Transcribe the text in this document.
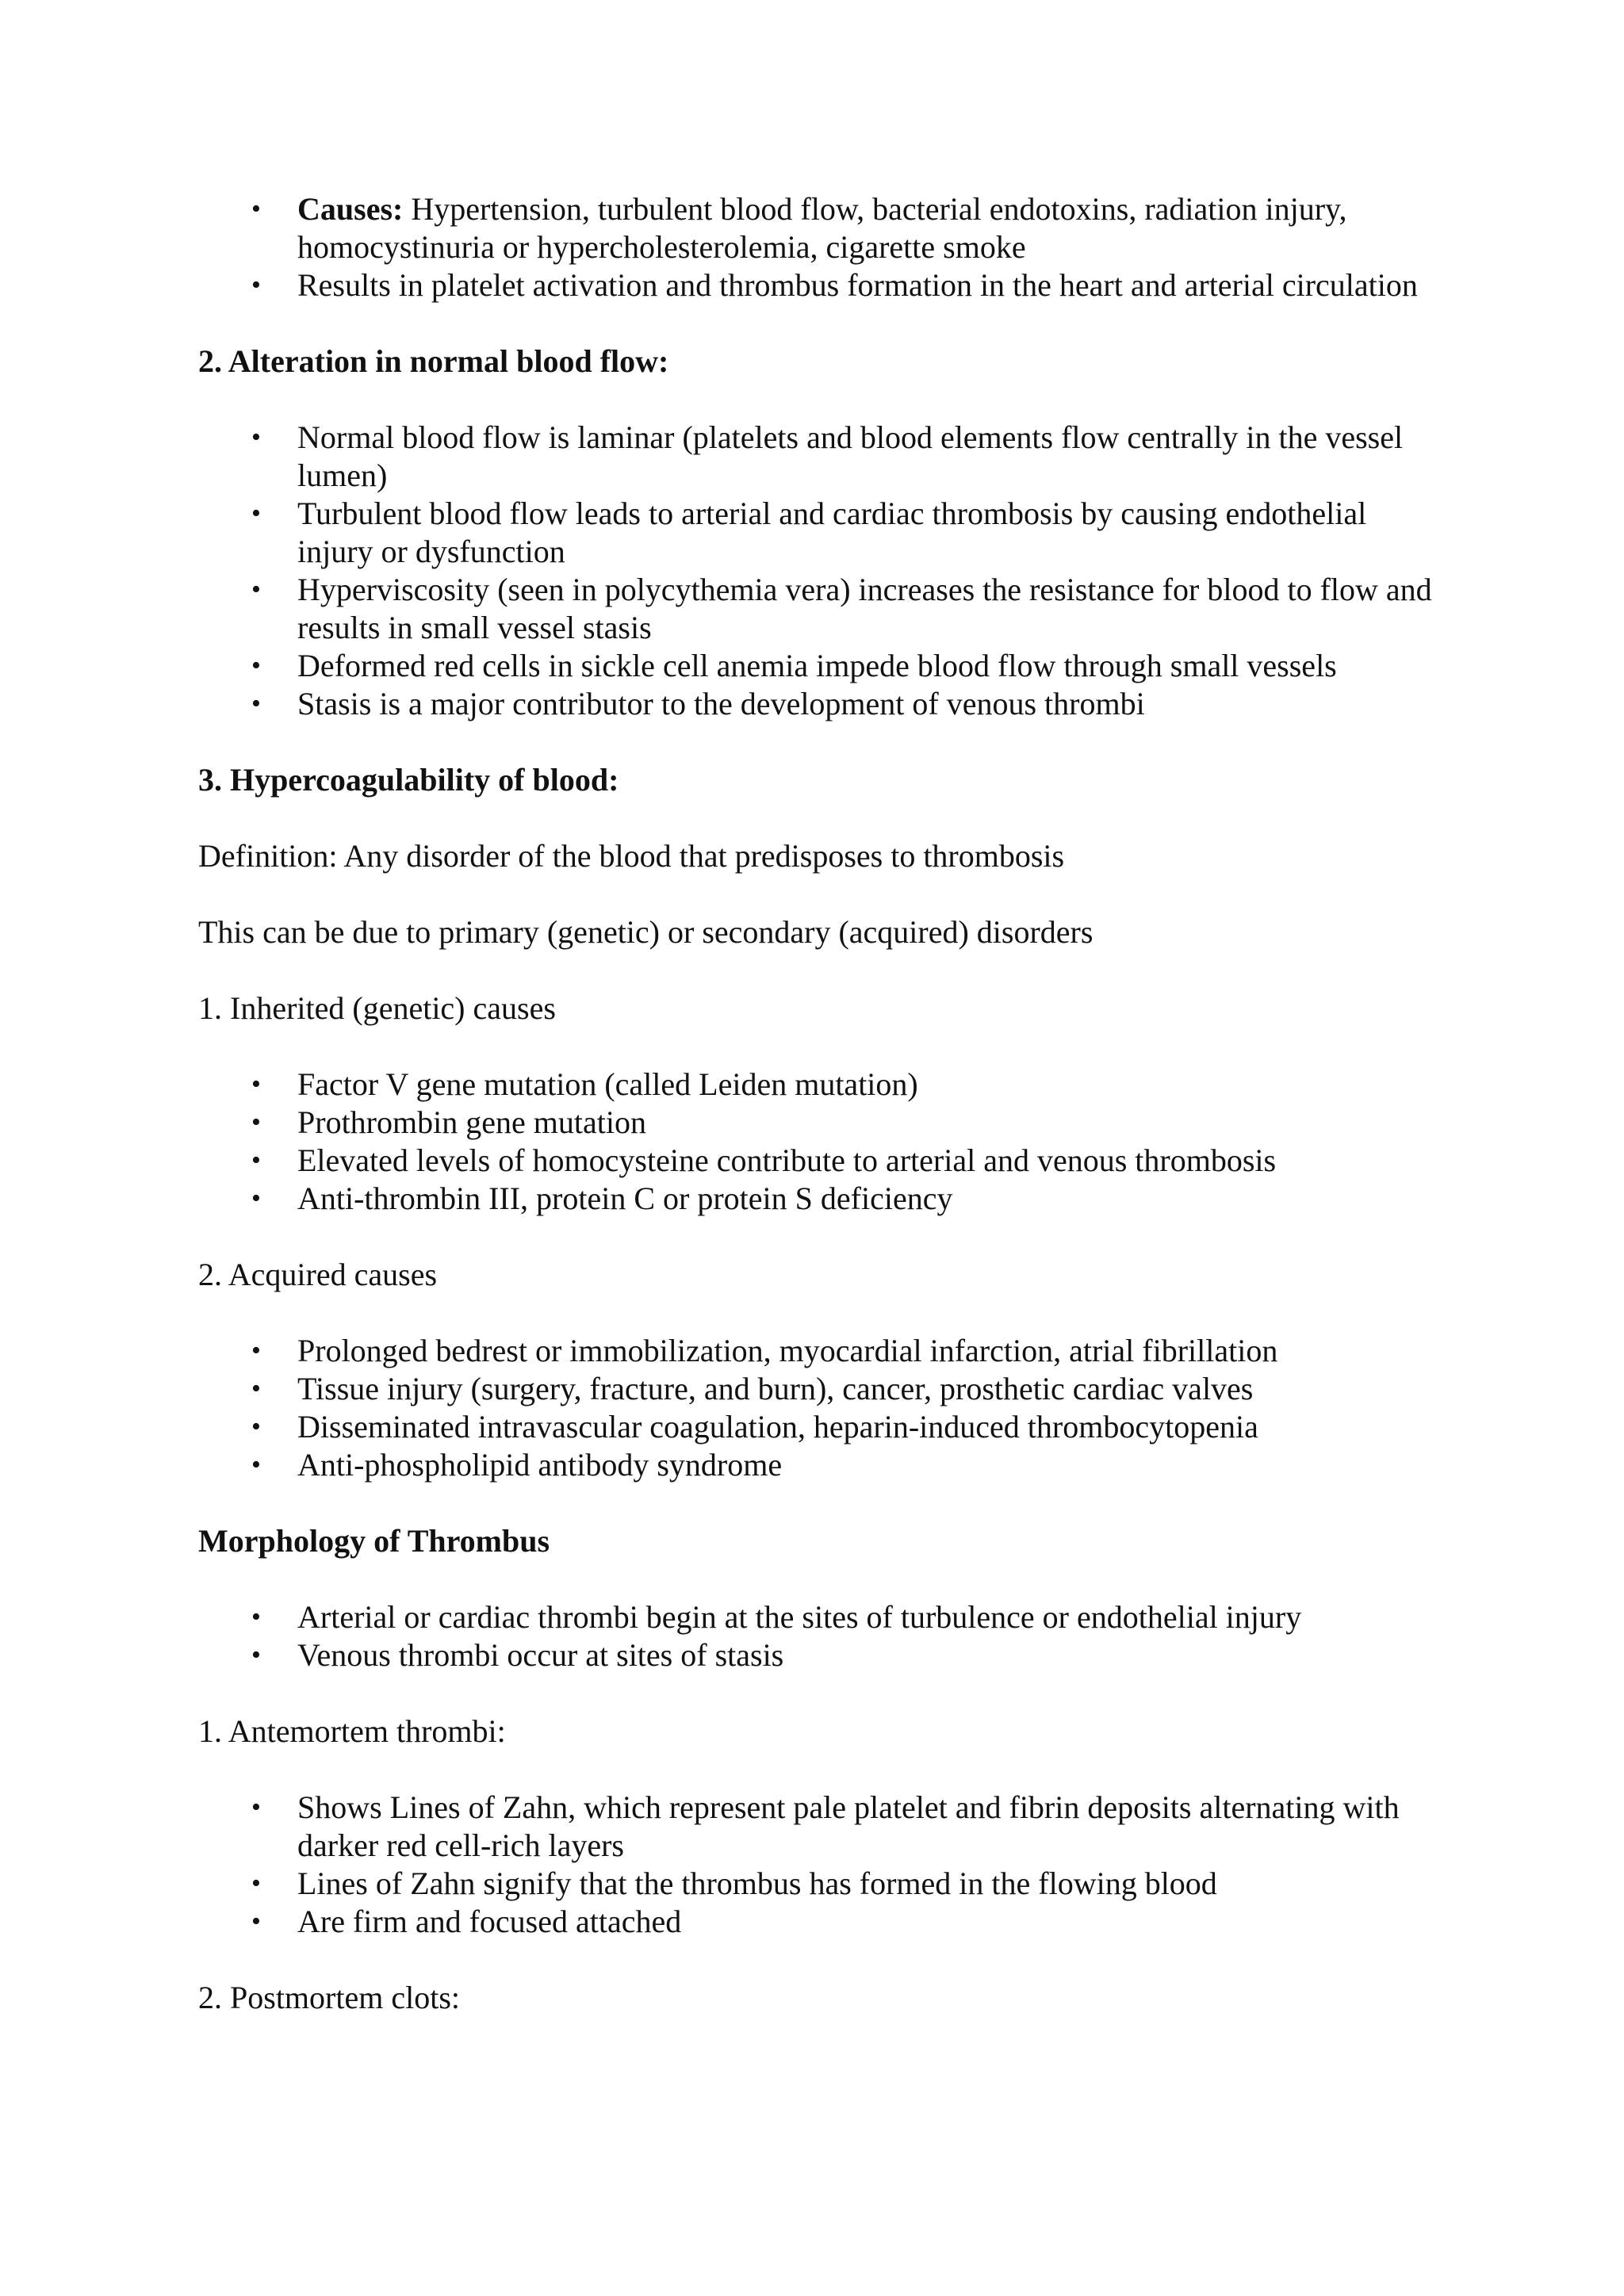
• Causes: Hypertension, turbulent blood flow, bacterial endotoxins, radiation injury, homocystinuria or hypercholesterolemia, cigarette smoke
• Results in platelet activation and thrombus formation in the heart and arterial circulation
2. Alteration in normal blood flow:
• Normal blood flow is laminar (platelets and blood elements flow centrally in the vessel lumen)
• Turbulent blood flow leads to arterial and cardiac thrombosis by causing endothelial injury or dysfunction
• Hyperviscosity (seen in polycythemia vera) increases the resistance for blood to flow and results in small vessel stasis
• Deformed red cells in sickle cell anemia impede blood flow through small vessels
• Stasis is a major contributor to the development of venous thrombi
3. Hypercoagulability of blood:

Definition: Any disorder of the blood that predisposes to thrombosis

This can be due to primary (genetic) or secondary (acquired) disorders

1. Inherited (genetic) causes

• Factor V gene mutation (called Leiden mutation)
• Prothrombin gene mutation
• Elevated levels of homocysteine contribute to arterial and venous thrombosis
• Anti-thrombin III, protein C or protein S deficiency

2. Acquired causes

• Prolonged bedrest or immobilization, myocardial infarction, atrial fibrillation
• Tissue injury (surgery, fracture, and burn), cancer, prosthetic cardiac valves
• Disseminated intravascular coagulation, heparin-induced thrombocytopenia
• Anti-phospholipid antibody syndrome
Morphology of Thrombus
• Arterial or cardiac thrombi begin at the sites of turbulence or endothelial injury
• Venous thrombi occur at sites of stasis

1. Antemortem thrombi:

• Shows Lines of Zahn, which represent pale platelet and fibrin deposits alternating with darker red cell-rich layers
• Lines of Zahn signify that the thrombus has formed in the flowing blood
• Are firm and focused attached

2. Postmortem clots:
